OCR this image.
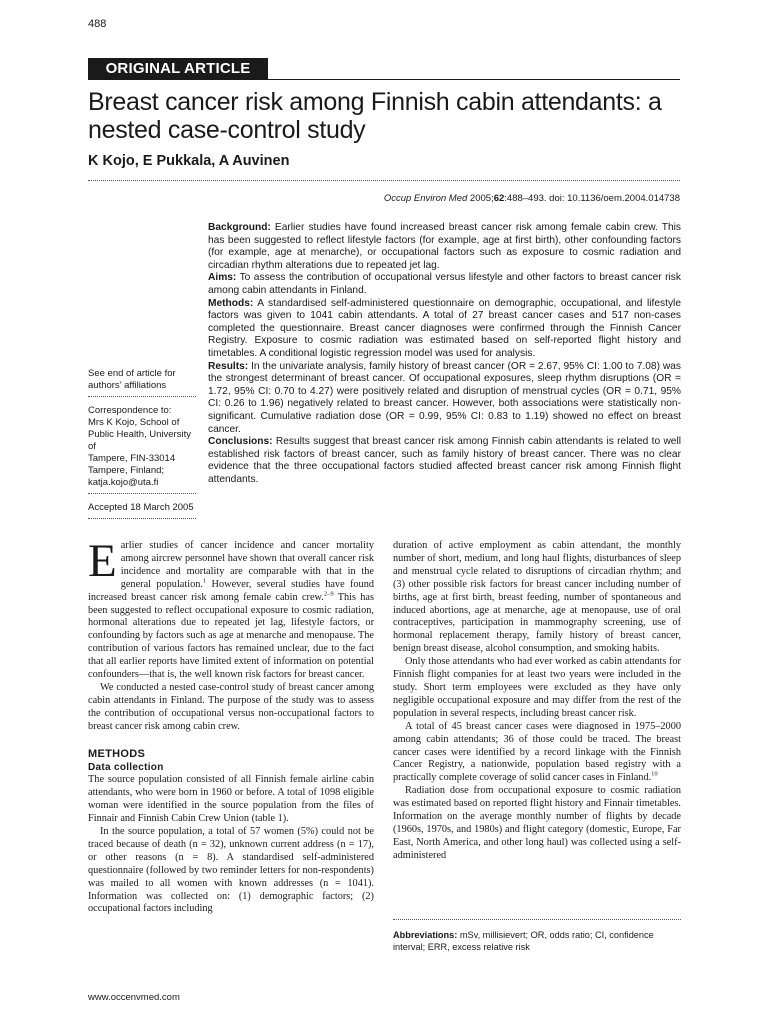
488
ORIGINAL ARTICLE
Breast cancer risk among Finnish cabin attendants: a nested case-control study
K Kojo, E Pukkala, A Auvinen
Occup Environ Med 2005;62:488–493. doi: 10.1136/oem.2004.014738
See end of article for authors’ affiliations
Correspondence to:
Mrs K Kojo, School of
Public Health, University of
Tampere, FIN-33014
Tampere, Finland;
katja.kojo@uta.fi
Accepted 18 March 2005

Background: Earlier studies have found increased breast cancer risk among female cabin crew. This has been suggested to reflect lifestyle factors (for example, age at first birth), other confounding factors (for example, age at menarche), or occupational factors such as exposure to cosmic radiation and circadian rhythm alterations due to repeated jet lag.

Aims: To assess the contribution of occupational versus lifestyle and other factors to breast cancer risk among cabin attendants in Finland.

Methods: A standardised self-administered questionnaire on demographic, occupational, and lifestyle factors was given to 1041 cabin attendants. A total of 27 breast cancer cases and 517 non-cases completed the questionnaire. Breast cancer diagnoses were confirmed through the Finnish Cancer Registry. Exposure to cosmic radiation was estimated based on self-reported flight history and timetables. A conditional logistic regression model was used for analysis.

Results: In the univariate analysis, family history of breast cancer (OR = 2.67, 95% CI: 1.00 to 7.08) was the strongest determinant of breast cancer. Of occupational exposures, sleep rhythm disruptions (OR = 1.72, 95% CI: 0.70 to 4.27) were positively related and disruption of menstrual cycles (OR = 0.71, 95% CI: 0.26 to 1.96) negatively related to breast cancer. However, both associations were statistically non-significant. Cumulative radiation dose (OR = 0.99, 95% CI: 0.83 to 1.19) showed no effect on breast cancer.

Conclusions: Results suggest that breast cancer risk among Finnish cabin attendants is related to well established risk factors of breast cancer, such as family history of breast cancer. There was no clear evidence that the three occupational factors studied affected breast cancer risk among Finnish flight attendants.

Earlier studies of cancer incidence and cancer mortality among aircrew personnel have shown that overall cancer risk incidence and mortality are comparable with that in the general population.$^1$ However, several studies have found increased breast cancer risk among female cabin crew.$^{2-9}$ This has been suggested to reflect occupational exposure to cosmic radiation, hormonal alterations due to repeated jet lag, lifestyle factors, or confounding by factors such as age at menarche and menopause. The contribution of various factors has remained unclear, due to the fact that all earlier reports have limited extent of information on potential confounders—that is, the well known risk factors for breast cancer.

We conducted a nested case-control study of breast cancer among cabin attendants in Finland. The purpose of the study was to assess the contribution of occupational versus non-occupational factors to breast cancer risk among cabin crew.

METHODS
Data collection

The source population consisted of all Finnish female airline cabin attendants, who were born in 1960 or before. A total of 1098 eligible woman were identified in the source population from the files of Finnair and Finnish Cabin Crew Union (table 1).

In the source population, a total of 57 women (5%) could not be traced because of death (n = 32), unknown current address (n = 17), or other reasons (n = 8). A standardised self-administered questionnaire (followed by two reminder letters for non-respondents) was mailed to all women with known addresses (n = 1041). Information was collected on: (1) demographic factors; (2) occupational factors including

duration of active employment as cabin attendant, the monthly number of short, medium, and long haul flights, disturbances of sleep and menstrual cycle related to disruptions of circadian rhythm; and (3) other possible risk factors for breast cancer including number of births, age at first birth, breast feeding, number of spontaneous and induced abortions, age at menarche, age at menopause, use of oral contraceptives, participation in mammography screening, use of hormonal replacement therapy, family history of breast cancer, benign breast disease, alcohol consumption, and smoking habits.

Only those attendants who had ever worked as cabin attendants for Finnish flight companies for at least two years were included in the study. Short term employees were excluded as they have only negligible occupational exposure and may differ from the rest of the population in several respects, including breast cancer risk.

A total of 45 breast cancer cases were diagnosed in 1975–2000 among cabin attendants; 36 of those could be traced. The breast cancer cases were identified by a record linkage with the Finnish Cancer Registry, a nationwide, population based registry with a practically complete coverage of solid cancer cases in Finland.$^{10}$

Radiation dose from occupational exposure to cosmic radiation was estimated based on reported flight history and Finnair timetables. Information on the average monthly number of flights by decade (1960s, 1970s, and 1980s) and flight category (domestic, Europe, Far East, North America, and other long haul) was collected using a self-administered

Abbreviations: mSv, millisievert; OR, odds ratio; CI, confidence interval; ERR, excess relative risk
www.occenvmed.com
